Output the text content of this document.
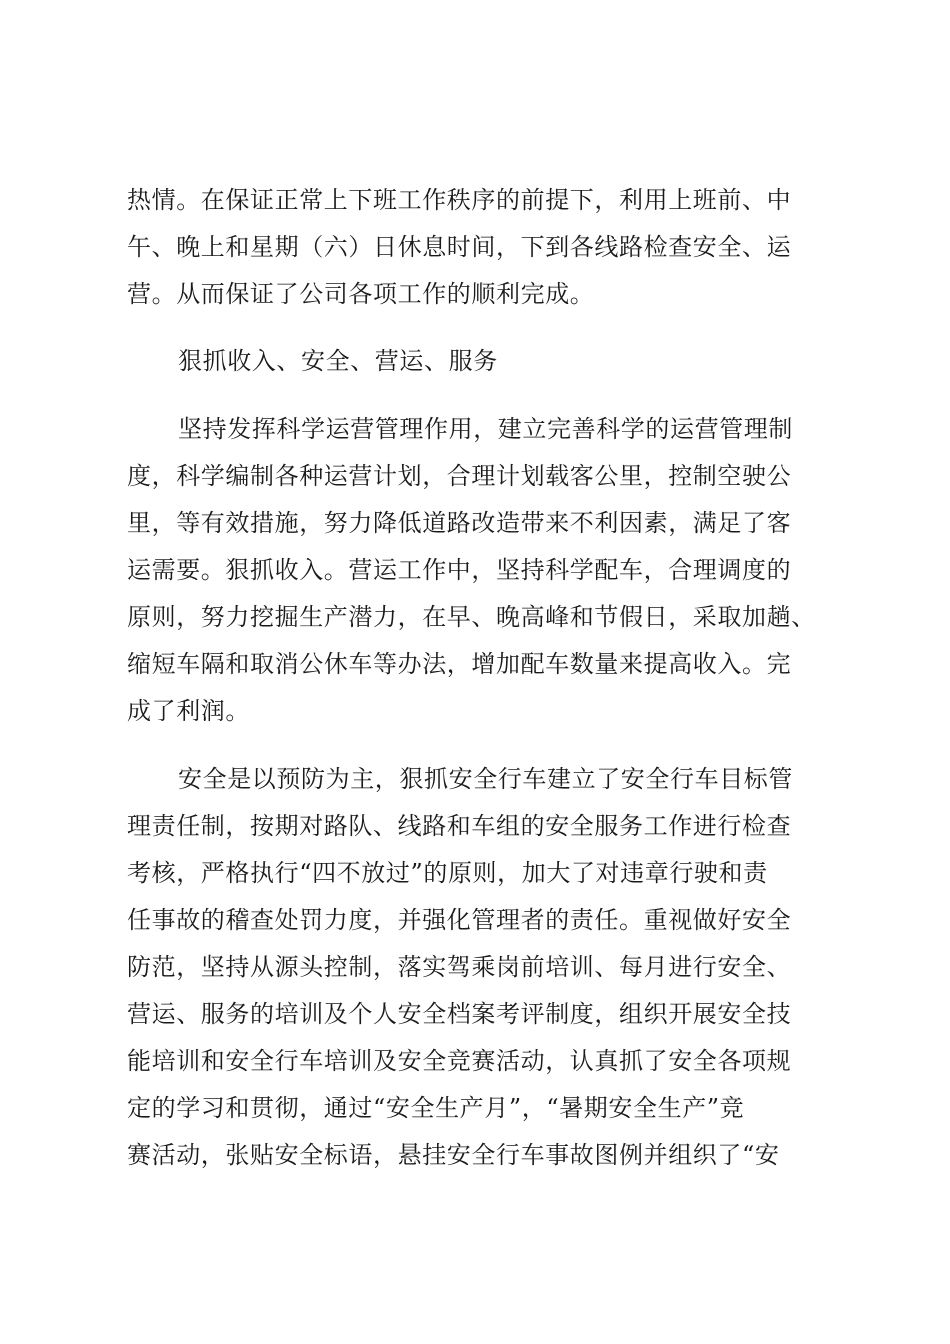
热情。在保证正常上下班工作秩序的前提下，利用上班前、中
午、晚上和星期（六）日休息时间，下到各线路检查安全、运
营。从而保证了公司各项工作的顺利完成。
狠抓收入、安全、营运、服务
坚持发挥科学运营管理作用，建立完善科学的运营管理制
度，科学编制各种运营计划，合理计划载客公里，控制空驶公
里，等有效措施，努力降低道路改造带来不利因素，满足了客
运需要。狠抓收入。营运工作中，坚持科学配车，合理调度的
原则，努力挖掘生产潜力，在早、晚高峰和节假日，采取加趟、
缩短车隔和取消公休车等办法，增加配车数量来提高收入。完
成了利润。
安全是以预防为主，狠抓安全行车建立了安全行车目标管
理责任制，按期对路队、线路和车组的安全服务工作进行检查
考核，严格执行“四不放过”的原则，加大了对违章行驶和责
任事故的稽查处罚力度，并强化管理者的责任。重视做好安全
防范，坚持从源头控制，落实驾乘岗前培训、每月进行安全、
营运、服务的培训及个人安全档案考评制度，组织开展安全技
能培训和安全行车培训及安全竞赛活动，认真抓了安全各项规
定的学习和贯彻，通过“安全生产月”，“暑期安全生产”竞
赛活动，张贴安全标语，悬挂安全行车事故图例并组织了“安
